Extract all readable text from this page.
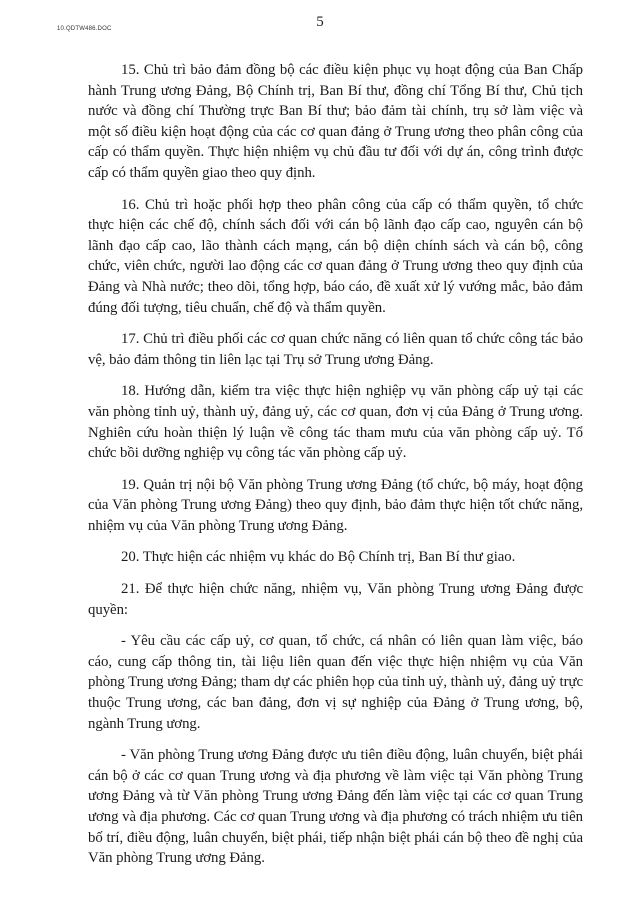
10.QDTW486.DOC	5

15. Chủ trì bảo đảm đồng bộ các điều kiện phục vụ hoạt động của Ban Chấp hành Trung ương Đảng, Bộ Chính trị, Ban Bí thư, đồng chí Tổng Bí thư, Chủ tịch nước và đồng chí Thường trực Ban Bí thư; bảo đảm tài chính, trụ sở làm việc và một số điều kiện hoạt động của các cơ quan đảng ở Trung ương theo phân công của cấp có thẩm quyền. Thực hiện nhiệm vụ chủ đầu tư đối với dự án, công trình được cấp có thẩm quyền giao theo quy định.

16. Chủ trì hoặc phối hợp theo phân công của cấp có thẩm quyền, tổ chức thực hiện các chế độ, chính sách đối với cán bộ lãnh đạo cấp cao, nguyên cán bộ lãnh đạo cấp cao, lão thành cách mạng, cán bộ diện chính sách và cán bộ, công chức, viên chức, người lao động các cơ quan đảng ở Trung ương theo quy định của Đảng và Nhà nước; theo dõi, tổng hợp, báo cáo, đề xuất xử lý vướng mắc, bảo đảm đúng đối tượng, tiêu chuẩn, chế độ và thẩm quyền.

17. Chủ trì điều phối các cơ quan chức năng có liên quan tổ chức công tác bảo vệ, bảo đảm thông tin liên lạc tại Trụ sở Trung ương Đảng.

18. Hướng dẫn, kiểm tra việc thực hiện nghiệp vụ văn phòng cấp uỷ tại các văn phòng tỉnh uỷ, thành uỷ, đảng uỷ, các cơ quan, đơn vị của Đảng ở Trung ương. Nghiên cứu hoàn thiện lý luận về công tác tham mưu của văn phòng cấp uỷ. Tổ chức bồi dưỡng nghiệp vụ công tác văn phòng cấp uỷ.

19. Quản trị nội bộ Văn phòng Trung ương Đảng (tổ chức, bộ máy, hoạt động của Văn phòng Trung ương Đảng) theo quy định, bảo đảm thực hiện tốt chức năng, nhiệm vụ của Văn phòng Trung ương Đảng.

20. Thực hiện các nhiệm vụ khác do Bộ Chính trị, Ban Bí thư giao.

21. Để thực hiện chức năng, nhiệm vụ, Văn phòng Trung ương Đảng được quyền:

- Yêu cầu các cấp uỷ, cơ quan, tổ chức, cá nhân có liên quan làm việc, báo cáo, cung cấp thông tin, tài liệu liên quan đến việc thực hiện nhiệm vụ của Văn phòng Trung ương Đảng; tham dự các phiên họp của tỉnh uỷ, thành uỷ, đảng uỷ trực thuộc Trung ương, các ban đảng, đơn vị sự nghiệp của Đảng ở Trung ương, bộ, ngành Trung ương.

- Văn phòng Trung ương Đảng được ưu tiên điều động, luân chuyển, biệt phái cán bộ ở các cơ quan Trung ương và địa phương về làm việc tại Văn phòng Trung ương Đảng và từ Văn phòng Trung ương Đảng đến làm việc tại các cơ quan Trung ương và địa phương. Các cơ quan Trung ương và địa phương có trách nhiệm ưu tiên bố trí, điều động, luân chuyển, biệt phái, tiếp nhận biệt phái cán bộ theo đề nghị của Văn phòng Trung ương Đảng.
